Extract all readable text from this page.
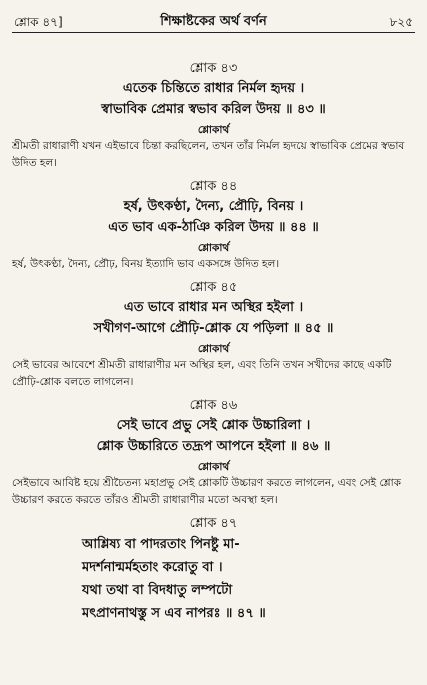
শ্লোক ৪৭]	শিক্ষাষ্টকের অর্থ বর্ণন	৮২৫

শ্লোক ৪৩

এতেক চিন্তিতে রাধার নির্মল হৃদয় ।

স্বাভাবিক প্রেমার স্বভাব করিল উদয় ॥ ৪৩ ॥

শ্লোকার্থ

শ্রীমতী রাধারাণী যখন এইভাবে চিন্তা করছিলেন, তখন তাঁর নির্মল হৃদয়ে স্বাভাবিক প্রেমের স্বভাব উদিত হল।

শ্লোক ৪৪

হর্ষ, উৎকণ্ঠা, দৈন্য, প্রৌঢ়ি, বিনয় ।

এত ভাব এক-ঠাঞি করিল উদয় ॥ ৪৪ ॥

শ্লোকার্থ

হর্ষ, উৎকণ্ঠা, দৈন্য, প্রৌঢ়, বিনয় ইত্যাদি ভাব একসঙ্গে উদিত হল।

শ্লোক ৪৫

এত ভাবে রাধার মন অস্থির হইলা ।

সখীগণ-আগে প্রৌঢ়ি-শ্লোক যে পড়িলা ॥ ৪৫ ॥

শ্লোকার্থ

সেই ভাবের আবেশে শ্রীমতী রাধারাণীর মন অস্থির হল, এবং তিনি তখন সখীদের কাছে একটি প্রৌঢ়ি-শ্লোক বলতে লাগলেন।

শ্লোক ৪৬

সেই ভাবে প্রভু সেই শ্লোক উচ্চারিলা ।

শ্লোক উচ্চারিতে তদ্রূপ আপনে হইলা ॥ ৪৬ ॥

শ্লোকার্থ

সেইভাবে আবিষ্ট হয়ে শ্রীচৈতন্য মহাপ্রভু সেই শ্লোকটি উচ্চারণ করতে লাগলেন, এবং সেই শ্লোক উচ্চারণ করতে করতে তাঁরও শ্রীমতী রাধারাণীর মতো অবস্থা হল।

শ্লোক ৪৭

আশ্লিষ্য বা পাদরতাং পিনষ্টু মা-

মদর্শনান্মর্মহতাং করোতু বা ।

যথা তথা বা বিদধাতু লম্পটো

মৎপ্রাণনাথস্তু স এব নাপরঃ ॥ ৪৭ ॥
